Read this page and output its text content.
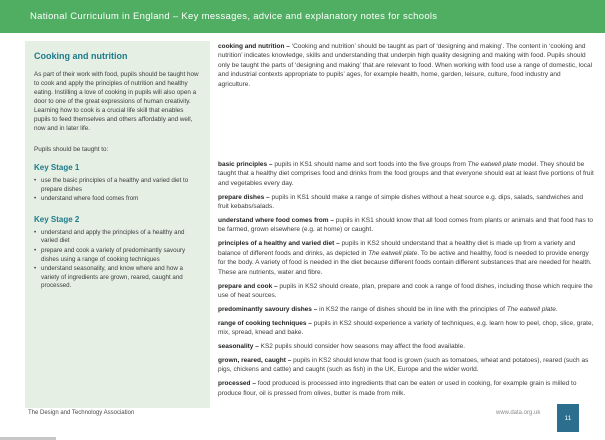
National Curriculum in England – Key messages, advice and explanatory notes for schools
Cooking and nutrition

As part of their work with food, pupils should be taught how to cook and apply the principles of nutrition and healthy eating. Instilling a love of cooking in pupils will also open a door to one of the great expressions of human creativity. Learning how to cook is a crucial life skill that enables pupils to feed themselves and others affordably and well, now and in later life.

Pupils should be taught to:

Key Stage 1
• use the basic principles of a healthy and varied diet to prepare dishes
• understand where food comes from
Key Stage 2
• understand and apply the principles of a healthy and varied diet
• prepare and cook a variety of predominantly savoury dishes using a range of cooking techniques
• understand seasonality, and know where and how a variety of ingredients are grown, reared, caught and processed.

cooking and nutrition – ‘Cooking and nutrition’ should be taught as part of ‘designing and making’. The content in ‘cooking and nutrition’ indicates knowledge, skills and understanding that underpin high quality designing and making with food. Pupils should only be taught the parts of ‘designing and making’ that are relevant to food. When working with food use a range of domestic, local and industrial contexts appropriate to pupils’ ages, for example health, home, garden, leisure, culture, food industry and agriculture.

basic principles – pupils in KS1 should name and sort foods into the five groups from The eatwell plate model. They should be taught that a healthy diet comprises food and drinks from the food groups and that everyone should eat at least five portions of fruit and vegetables every day.

prepare dishes – pupils in KS1 should make a range of simple dishes without a heat source e.g. dips, salads, sandwiches and fruit kebabs/salads.

understand where food comes from – pupils in KS1 should know that all food comes from plants or animals and that food has to be farmed, grown elsewhere (e.g. at home) or caught.

principles of a healthy and varied diet – pupils in KS2 should understand that a healthy diet is made up from a variety and balance of different foods and drinks, as depicted in The eatwell plate. To be active and healthy, food is needed to provide energy for the body. A variety of food is needed in the diet because different foods contain different substances that are needed for health. These are nutrients, water and fibre.

prepare and cook – pupils in KS2 should create, plan, prepare and cook a range of food dishes, including those which require the use of heat sources.

predominantly savoury dishes – in KS2 the range of dishes should be in line with the principles of The eatwell plate.

range of cooking techniques – pupils in KS2 should experience a variety of techniques, e.g. learn how to peel, chop, slice, grate, mix, spread, knead and bake.

seasonality – KS2 pupils should consider how seasons may affect the food available.

grown, reared, caught – pupils in KS2 should know that food is grown (such as tomatoes, wheat and potatoes), reared (such as pigs, chickens and cattle) and caught (such as fish) in the UK, Europe and the wider world.

processed – food produced is processed into ingredients that can be eaten or used in cooking, for example grain is milled to produce flour, oil is pressed from olives, butter is made from milk.

The Design and Technology Association	www.data.org.uk
11
